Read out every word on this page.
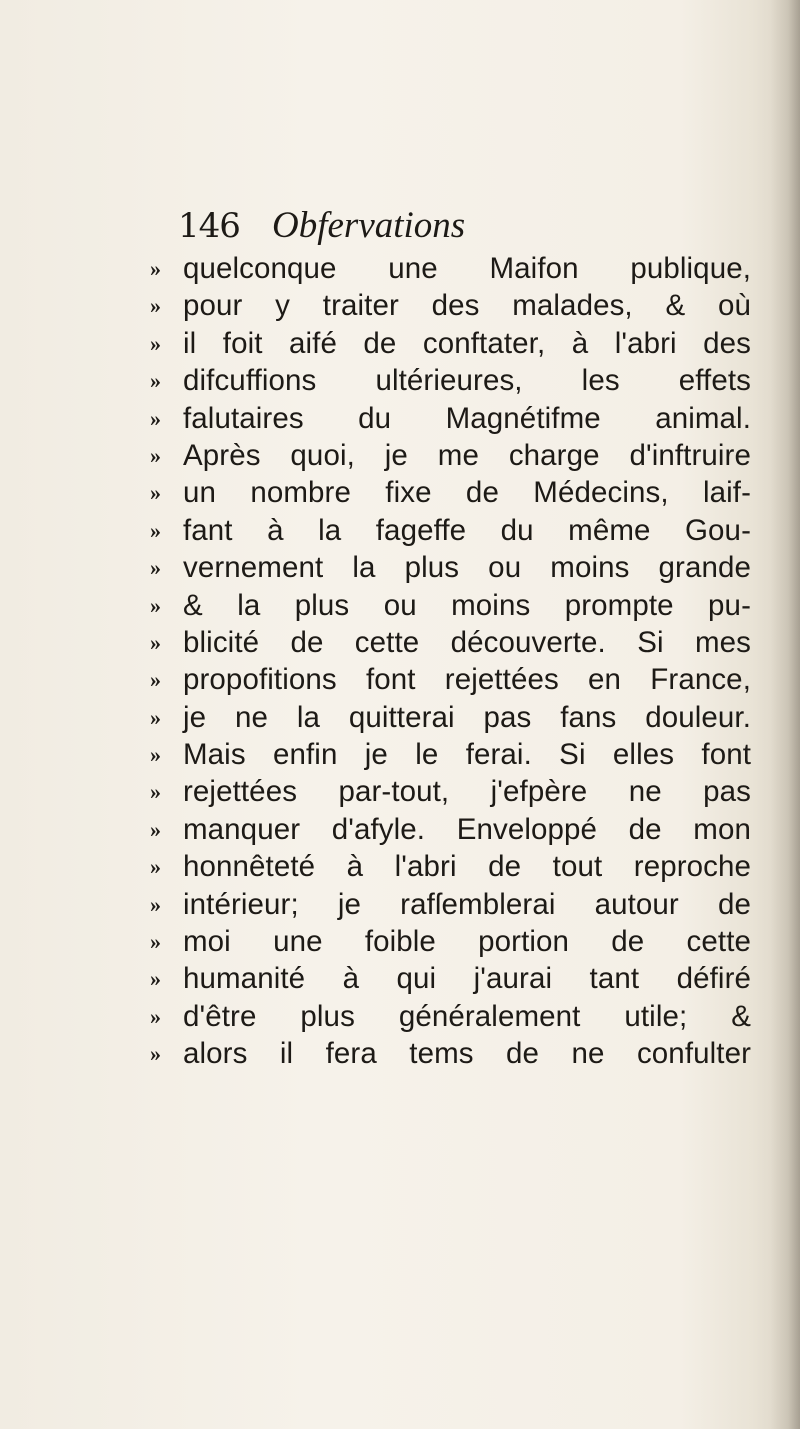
146 Obfervations
» quelconque une Maifon publique,
» pour y traiter des malades, & où
» il foit aifé de conftater, à l'abri des
» difcuffions ultérieures, les effets
» falutaires du Magnétifme animal.
» Après quoi, je me charge d'inftruire
» un nombre fixe de Médecins, laif-
» fant à la fageffe du même Gou-
» vernement la plus ou moins grande
» & la plus ou moins prompte pu-
» blicité de cette découverte. Si mes
» propofitions font rejettées en France,
» je ne la quitterai pas fans douleur.
» Mais enfin je le ferai. Si elles font
» rejettées par-tout, j'efpère ne pas
» manquer d'afyle. Enveloppé de mon
» honnêteté à l'abri de tout reproche
» intérieur; je rafſemblerai autour de
» moi une foible portion de cette
» humanité à qui j'aurai tant défiré
» d'être plus généralement utile; &
» alors il fera tems de ne confulter
